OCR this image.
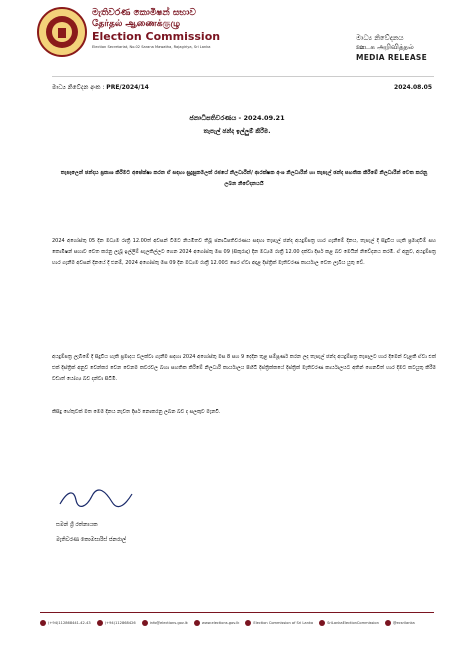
මැතිවරණ කොමිෂන් සභාව
தேர்தல் ஆணைக்குழு
Election Commission
Election Secretariat, No.02 Sarana Mawatha, Rajagiriya, Sri Lanka
මාධ්‍ය නිවේදනය
ஊடக அறிவித்தல்
MEDIA RELEASE
මාධ්‍ය නිවේදන අංක : PRE/2024/14	2024.08.05
ජනාධිපතිවරණය - 2024.09.21
තැපැල් ඡන්ද ඉල්ලුම් කිරීම.
තැපෑලෙන් ඡන්දය ප්‍රකාශ කිරීමට අපේක්ෂා කරන ඒ සඳහා සුදුසුකමලත් රජයේ නිලධාරීන්/ ආරක්ෂක අංශ නිලධාරීන් හා තැපැල් ඡන්ද සහතික කිරීමේ නිලධාරීන් වෙත කරනු ලබන නිවේදනයයි
2024 අගෝස්තු 05 දින මධ්‍යම රාත්‍රී 12.00ත් අවසන් වීමට නියමිතව තිබූ ජනාධිපතිවරණය සඳහා තැපැල් ඡන්ද අයදුම්පත්‍ර භාර ගැනීමේ දිනය, තැපැල් දී සිදුවිය හැකි ප්‍රමාදවීම් සහ කොමිෂන් සභාව වෙත කරනු ලැබූ ඉල්ලීම් සැලකිල්ලට ගෙන 2024 අගෝස්තු මස 09 (සිකුරාදා) දින මධ්‍යම රාත්‍රී 12.00 දක්වා දීර්ඝ කළ බව මෙයින් නිවේදනය කරමි. ඒ අනුව, අයදුම්පත්‍ර භාර ගැනීම අවසන් දිනයේ දී එනම්, 2024 අගෝස්තු මස 09 දින මධ්‍යම රාත්‍රී 12.00ට පෙර ඒවා අදාළ දිස්ත්‍රික් මැතිවරණ කාර්යාල වෙත ලැබිය යුතු වේ.
අයදුම්පත්‍ර ලැබීමේ දී සිදුවිය හැකි ප්‍රමාදය වලක්වා ගැනීම සඳහා 2024 අගෝස්තු මස 8 සහ 9 දෙදින තුළ සම්පූර්ණ කරන ලද තැපැල් ඡන්ද අයදුම්පත්‍ර තැපෑලට භාර දීමෙන් වැළකී ඒවා එක් එක් දිස්ත්‍රික් අනුව වෙන්කර වෙන වෙනම කවරවල බහා සහතික කිරීමේ නිලධාරී කාර්යාලය පිහිටි දිස්ත්‍රික්කයේ දිස්ත්‍රික් මැතිවරණ කාර්යාලයට අතින් ගෙනවිත් භාර දීමට කටයුතු කිරීම වඩාත් යෝග්‍ය බව දන්වා සිටිමි.
කිසිදු හේතුවක් මත මෙම දිනය නැවත දීර්ඝ නොකරනු ලබන බව ද සලකුව මැනවි.
සමන් ශ්‍රී රත්නායක
මැතිවරණ කොමසාරිස් ජනරාල්
(+94)112868441-42-43	(+94)112868426	info@elections.gov.lk	www.elections.gov.lk	Election Commission of Sri Lanka	SriLankaElectionCommission	@ecsrilanka
